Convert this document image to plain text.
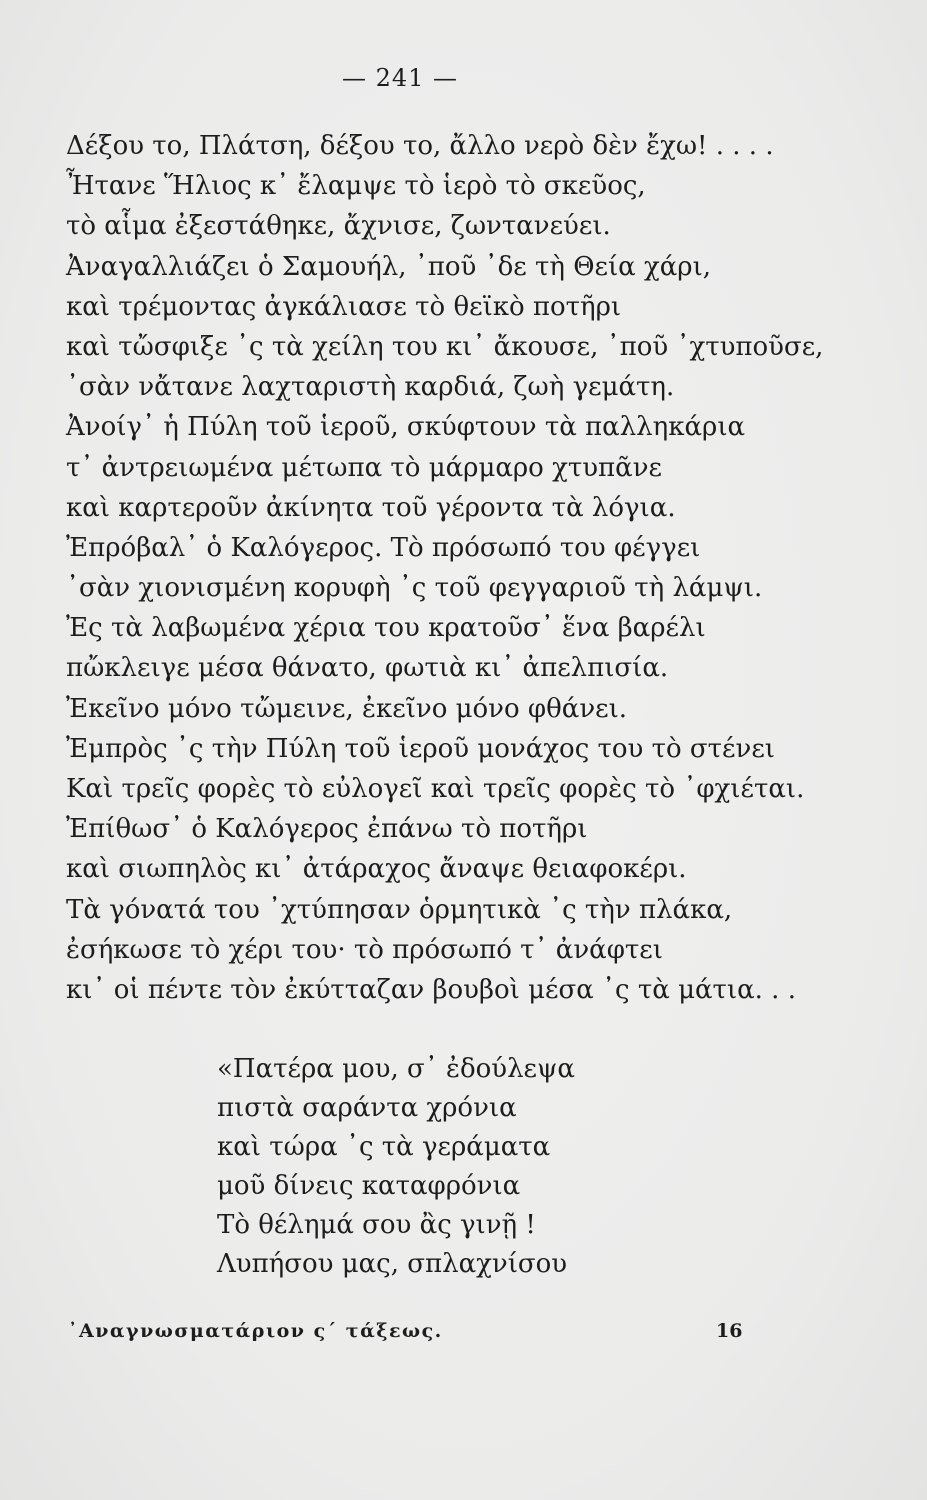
— 241 —
Δέξου το, Πλάτση, δέξου το, ἄλλο νερὸ δὲν ἔχω! . . . .
Ἦτανε Ἥλιος κ᾽ ἔλαμψε τὸ ἱερὸ τὸ σκεῦος,
τὸ αἷμα ἐξεστάθηκε, ἄχνισε, ζωντανεύει.
Ἀναγαλλιάζει ὁ Σαμουήλ, ᾽ποῦ ᾽δε τὴ Θεία χάρι,
καὶ τρέμοντας ἀγκάλιασε τὸ θεϊκὸ ποτῆρι
καὶ τὤσφιξε ᾽ς τὰ χείλη του κι᾽ ἄκουσε, ᾽ποῦ ᾽χτυποῦσε,
᾽σὰν νἄτανε λαχταριστὴ καρδιά, ζωὴ γεμάτη.
Ἀνοίγ᾽ ἡ Πύλη τοῦ ἱεροῦ, σκύφτουν τὰ παλληκάρια
τ᾽ ἀντρειωμένα μέτωπα τὸ μάρμαρο χτυπᾶνε
καὶ καρτεροῦν ἀκίνητα τοῦ γέροντα τὰ λόγια.
Ἐπρόβαλ᾽ ὁ Καλόγερος. Τὸ πρόσωπό του φέγγει
᾽σὰν χιονισμένη κορυφὴ ᾽ς τοῦ φεγγαριοῦ τὴ λάμψι.
Ἐς τὰ λαβωμένα χέρια του κρατοῦσ᾽ ἕνα βαρέλι
πὤκλειγε μέσα θάνατο, φωτιὰ κι᾽ ἀπελπισία.
Ἐκεῖνο μόνο τὤμεινε, ἐκεῖνο μόνο φθάνει.
Ἐμπρὸς ᾽ς τὴν Πύλη τοῦ ἱεροῦ μονάχος του τὸ στένει
Καὶ τρεῖς φορὲς τὸ εὐλογεῖ καὶ τρεῖς φορὲς τὸ ᾽φχιέται.
Ἐπίθωσ᾽ ὁ Καλόγερος ἐπάνω τὸ ποτῆρι
καὶ σιωπηλὸς κι᾽ ἀτάραχος ἄναψε θειαφοκέρι.
Τὰ γόνατά του ᾽χτύπησαν ὁρμητικὰ ᾽ς τὴν πλάκα,
ἐσήκωσε τὸ χέρι του· τὸ πρόσωπό τ᾽ ἀνάφτει
κι᾽ οἱ πέντε τὸν ἐκύτταζαν βουβοὶ μέσα ᾽ς τὰ μάτια. . .
«Πατέρα μου, σ᾽ ἐδούλεψα
πιστὰ σαράντα χρόνια
καὶ τώρα ᾽ς τὰ γεράματα
μοῦ δίνεις καταφρόνια
Τὸ θέλημά σου ἂς γινῇ !
Λυπήσου μας, σπλαχνίσου
᾽Αναγνωσματάριον ς´ τάξεως.	16
